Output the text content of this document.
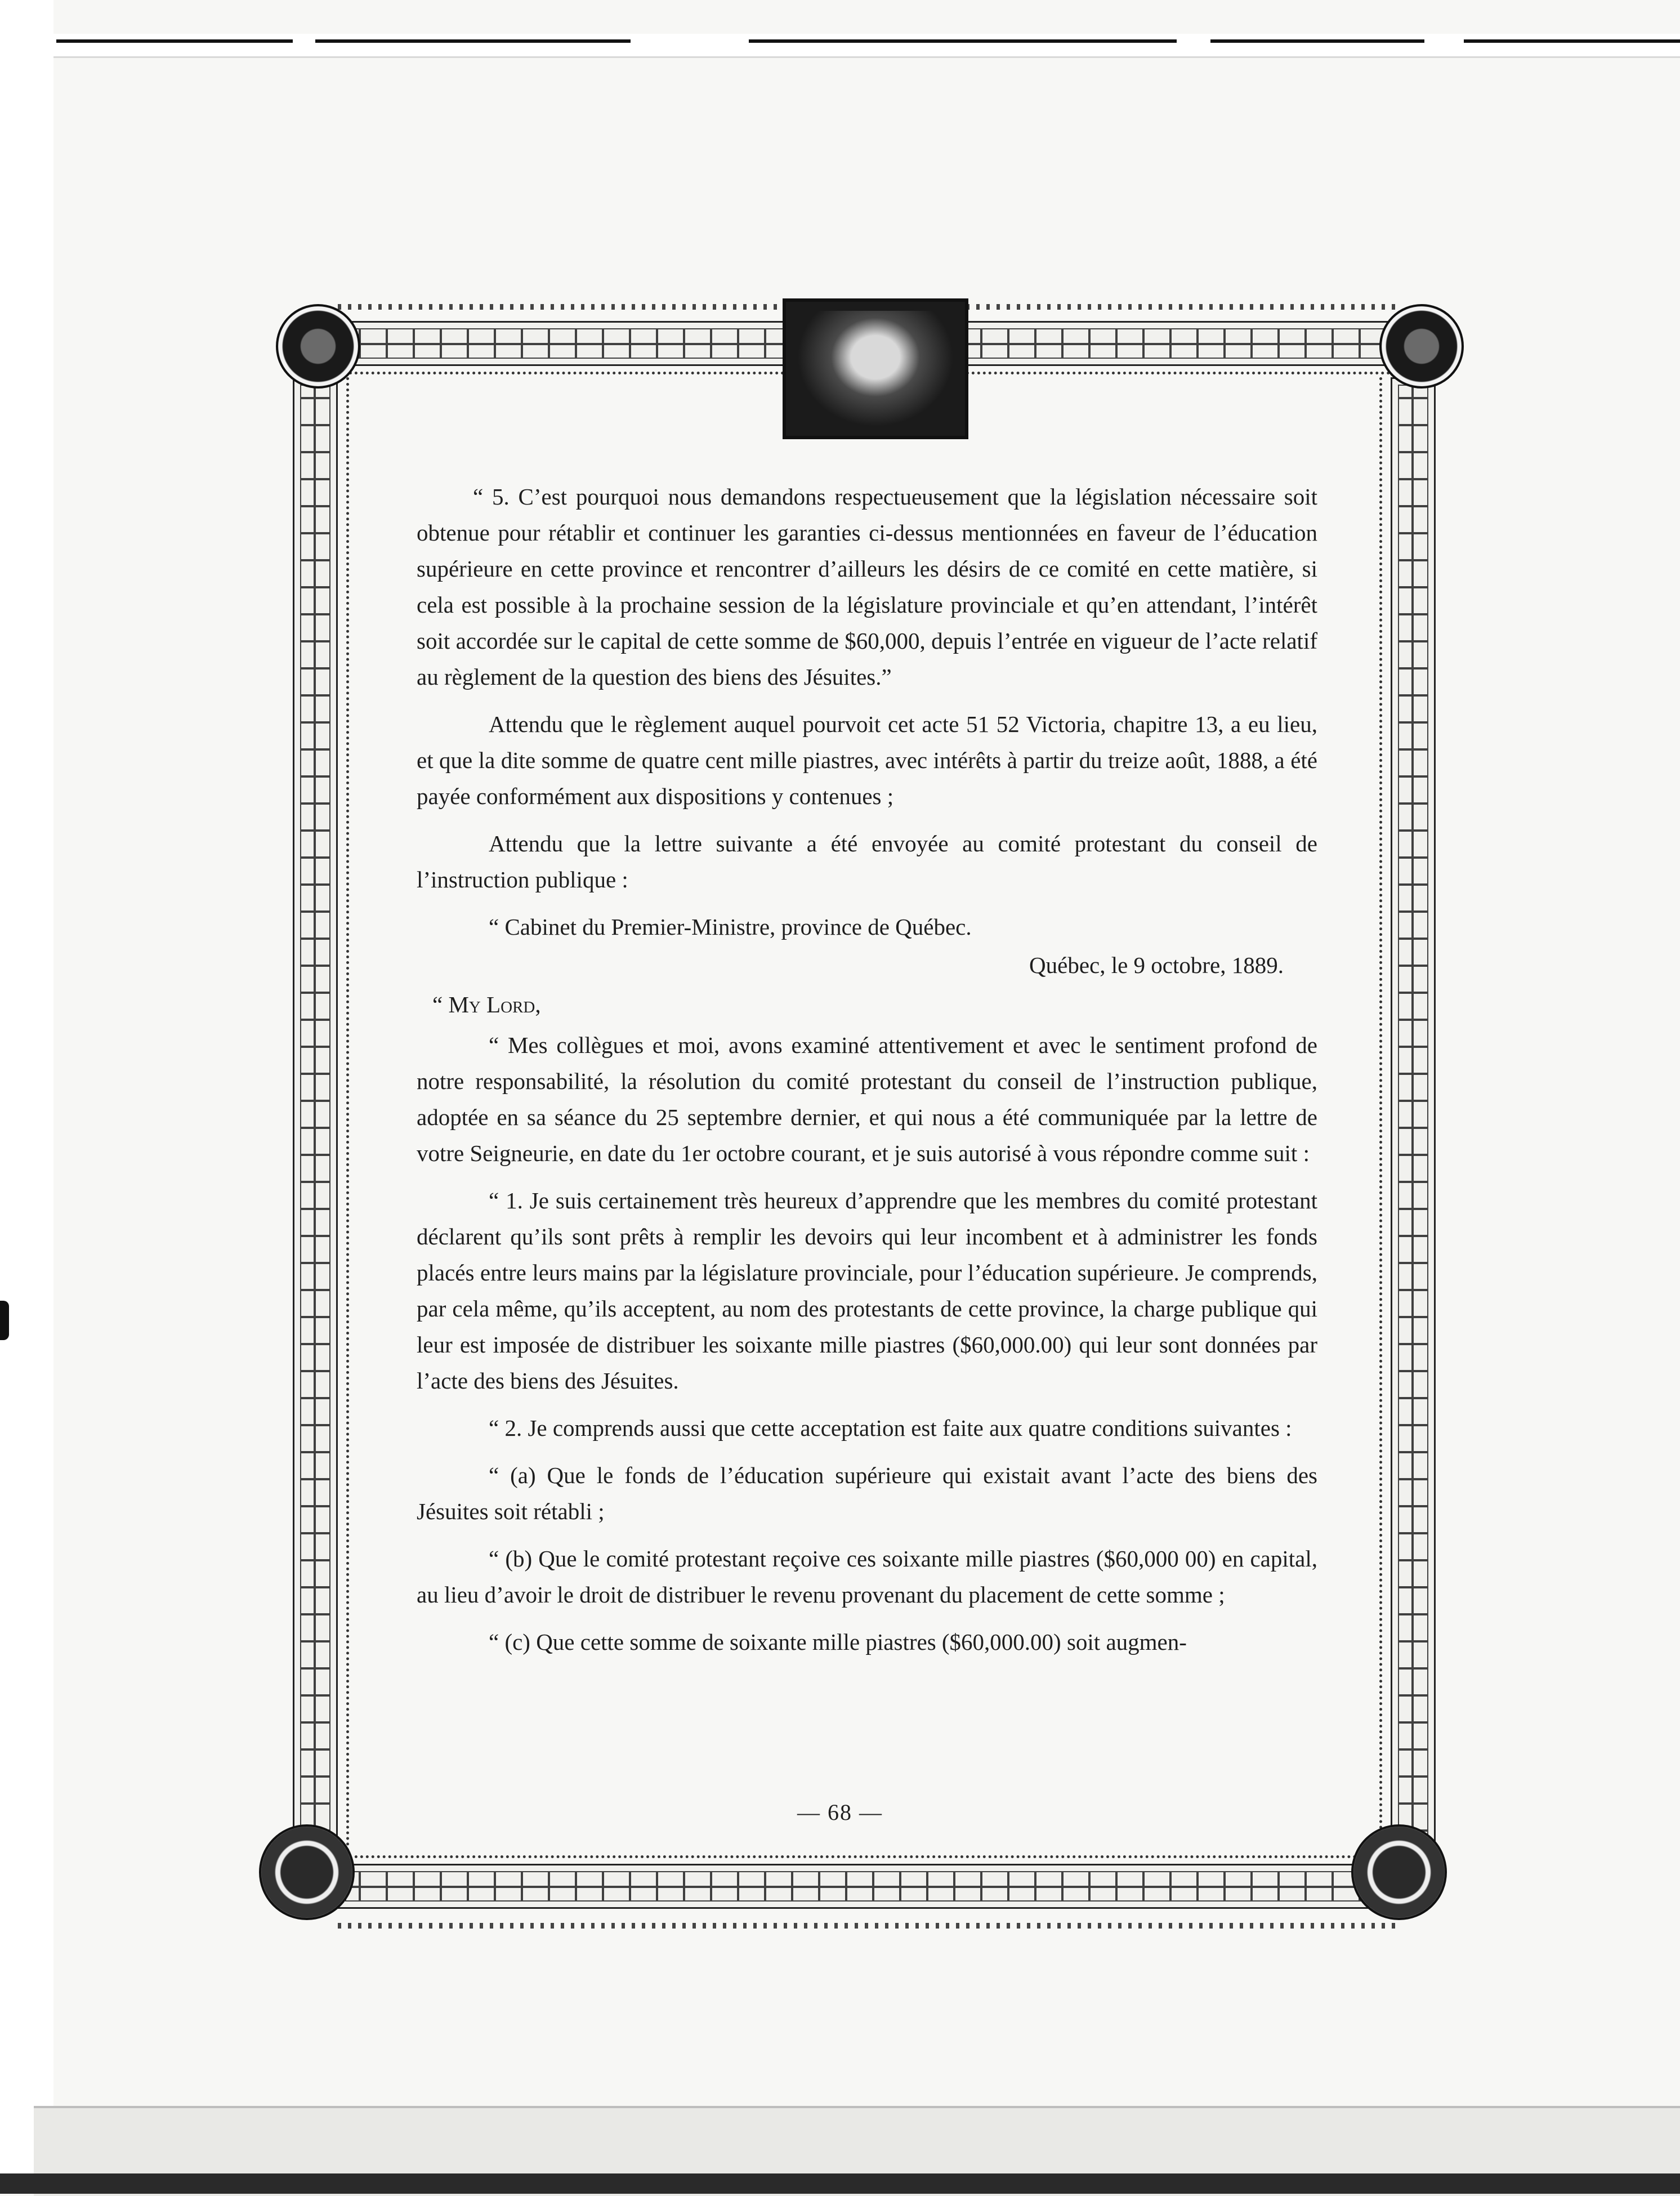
“ 5. C’est pourquoi nous demandons respectueusement que la législation nécessaire soit obtenue pour rétablir et continuer les garanties ci-dessus mentionnées en faveur de l’éducation supérieure en cette province et rencontrer d’ailleurs les désirs de ce comité en cette matière, si cela est possible à la prochaine session de la législature provinciale et qu’en attendant, l’intérêt soit accordée sur le capital de cette somme de $60,000, depuis l’entrée en vigueur de l’acte relatif au règlement de la question des biens des Jésuites.”

Attendu que le règlement auquel pourvoit cet acte 51 52 Victoria, chapitre 13, a eu lieu, et que la dite somme de quatre cent mille piastres, avec intérêts à partir du treize août, 1888, a été payée conformément aux dispositions y contenues ;

Attendu que la lettre suivante a été envoyée au comité protestant du conseil de l’instruction publique :

“ Cabinet du Premier-Ministre, province de Québec.

Québec, le 9 octobre, 1889.

“ My Lord,

“ Mes collègues et moi, avons examiné attentivement et avec le sentiment profond de notre responsabilité, la résolution du comité protestant du conseil de l’instruction publique, adoptée en sa séance du 25 septembre dernier, et qui nous a été communiquée par la lettre de votre Seigneurie, en date du 1er octobre courant, et je suis autorisé à vous répondre comme suit :

“ 1. Je suis certainement très heureux d’apprendre que les membres du comité protestant déclarent qu’ils sont prêts à remplir les devoirs qui leur incombent et à administrer les fonds placés entre leurs mains par la législature provinciale, pour l’éducation supérieure. Je comprends, par cela même, qu’ils acceptent, au nom des protestants de cette province, la charge publique qui leur est imposée de distribuer les soixante mille piastres ($60,000.00) qui leur sont données par l’acte des biens des Jésuites.

“ 2. Je comprends aussi que cette acceptation est faite aux quatre conditions suivantes :

“ (a) Que le fonds de l’éducation supérieure qui existait avant l’acte des biens des Jésuites soit rétabli ;

“ (b) Que le comité protestant reçoive ces soixante mille piastres ($60,000 00) en capital, au lieu d’avoir le droit de distribuer le revenu provenant du placement de cette somme ;

“ (c) Que cette somme de soixante mille piastres ($60,000.00) soit augmen-

— 68 —
